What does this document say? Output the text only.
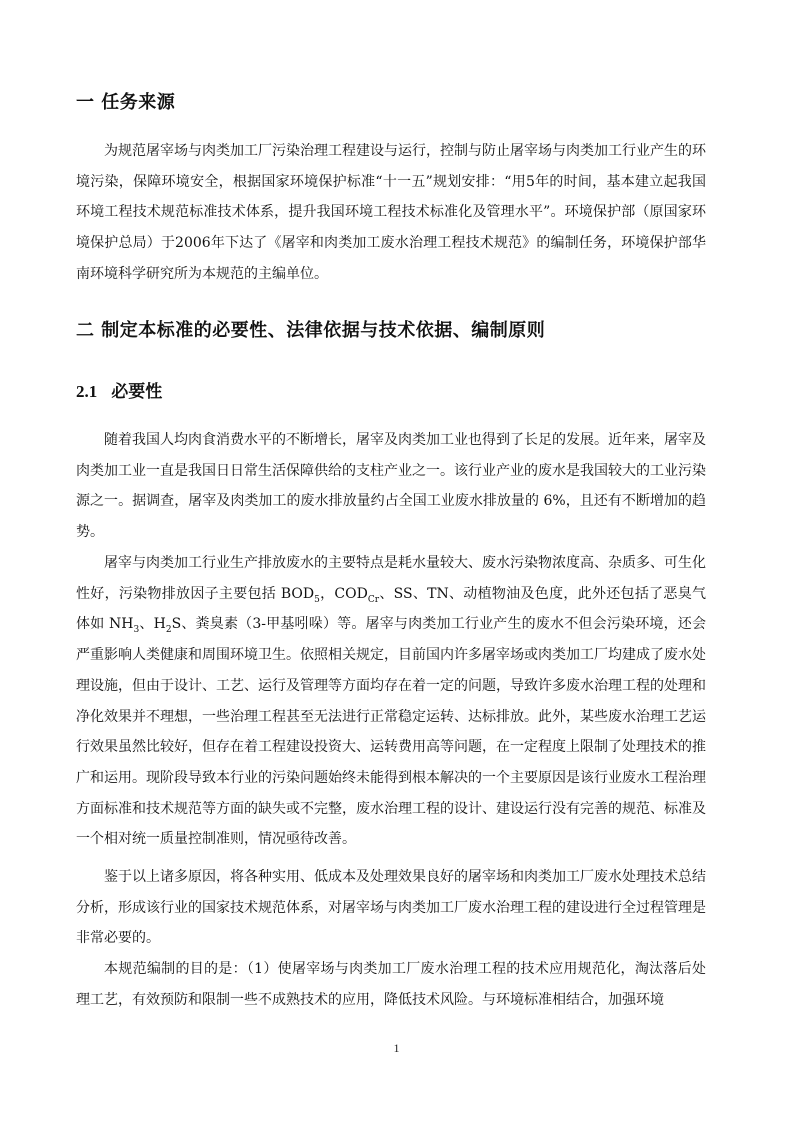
一 任务来源

为规范屠宰场与肉类加工厂污染治理工程建设与运行，控制与防止屠宰场与肉类加工行业产生的环境污染，保障环境安全，根据国家环境保护标准“十一五”规划安排：“用5年的时间，基本建立起我国环境工程技术规范标准技术体系，提升我国环境工程技术标准化及管理水平”。环境保护部（原国家环境保护总局）于2006年下达了《屠宰和肉类加工废水治理工程技术规范》的编制任务，环境保护部华南环境科学研究所为本规范的主编单位。

二 制定本标准的必要性、法律依据与技术依据、编制原则
2.1 必要性

随着我国人均肉食消费水平的不断增长，屠宰及肉类加工业也得到了长足的发展。近年来，屠宰及肉类加工业一直是我国日日常生活保障供给的支柱产业之一。该行业产业的废水是我国较大的工业污染源之一。据调查，屠宰及肉类加工的废水排放量约占全国工业废水排放量的 6%，且还有不断增加的趋势。

屠宰与肉类加工行业生产排放废水的主要特点是耗水量较大、废水污染物浓度高、杂质多、可生化性好，污染物排放因子主要包括 $BOD_5$，$COD_{Cr}$、SS、TN、动植物油及色度，此外还包括了恶臭气体如 $NH_3$、$H_2S$、粪臭素（3-甲基吲哚）等。屠宰与肉类加工行业产生的废水不但会污染环境，还会严重影响人类健康和周围环境卫生。依照相关规定，目前国内许多屠宰场或肉类加工厂均建成了废水处理设施，但由于设计、工艺、运行及管理等方面均存在着一定的问题，导致许多废水治理工程的处理和净化效果并不理想，一些治理工程甚至无法进行正常稳定运转、达标排放。此外，某些废水治理工艺运行效果虽然比较好，但存在着工程建设投资大、运转费用高等问题，在一定程度上限制了处理技术的推广和运用。现阶段导致本行业的污染问题始终未能得到根本解决的一个主要原因是该行业废水工程治理方面标准和技术规范等方面的缺失或不完整，废水治理工程的设计、建设运行没有完善的规范、标准及一个相对统一质量控制准则，情况亟待改善。

鉴于以上诸多原因，将各种实用、低成本及处理效果良好的屠宰场和肉类加工厂废水处理技术总结分析，形成该行业的国家技术规范体系，对屠宰场与肉类加工厂废水治理工程的建设进行全过程管理是非常必要的。

本规范编制的目的是：（1）使屠宰场与肉类加工厂废水治理工程的技术应用规范化，淘汰落后处理工艺，有效预防和限制一些不成熟技术的应用，降低技术风险。与环境标准相结合，加强环境

1
